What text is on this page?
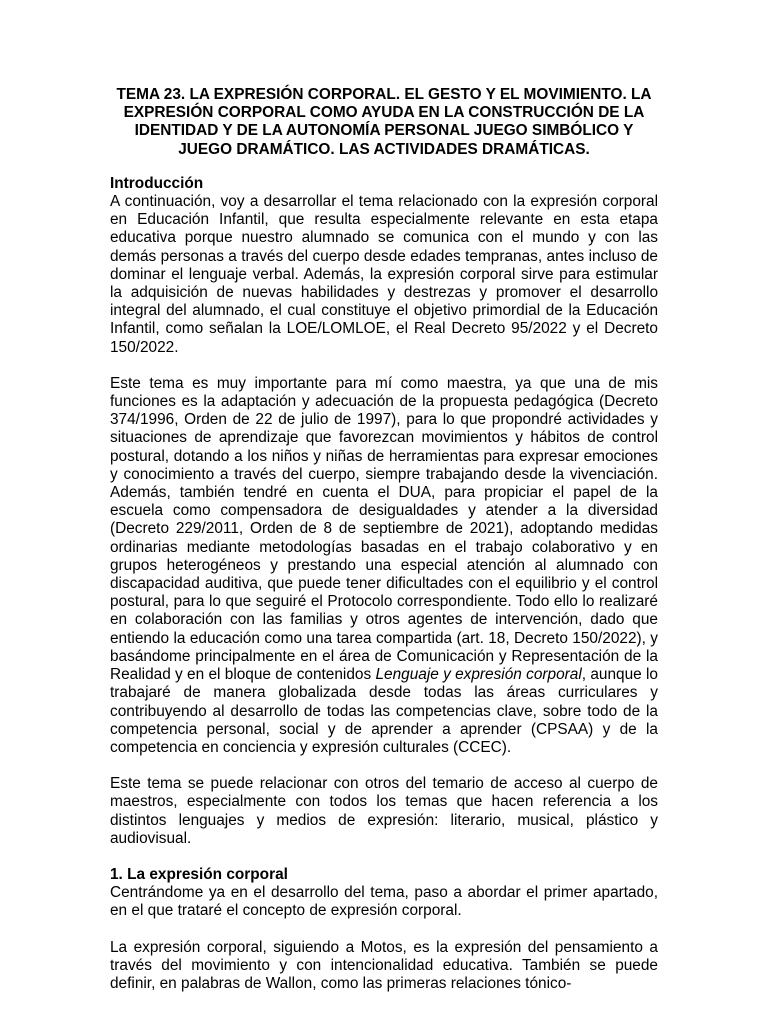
TEMA 23. LA EXPRESIÓN CORPORAL. EL GESTO Y EL MOVIMIENTO. LA EXPRESIÓN CORPORAL COMO AYUDA EN LA CONSTRUCCIÓN DE LA IDENTIDAD Y DE LA AUTONOMÍA PERSONAL JUEGO SIMBÓLICO Y JUEGO DRAMÁTICO. LAS ACTIVIDADES DRAMÁTICAS.
Introducción

A continuación, voy a desarrollar el tema relacionado con la expresión corporal en Educación Infantil, que resulta especialmente relevante en esta etapa educativa porque nuestro alumnado se comunica con el mundo y con las demás personas a través del cuerpo desde edades tempranas, antes incluso de dominar el lenguaje verbal. Además, la expresión corporal sirve para estimular la adquisición de nuevas habilidades y destrezas y promover el desarrollo integral del alumnado, el cual constituye el objetivo primordial de la Educación Infantil, como señalan la LOE/LOMLOE, el Real Decreto 95/2022 y el Decreto 150/2022.

Este tema es muy importante para mí como maestra, ya que una de mis funciones es la adaptación y adecuación de la propuesta pedagógica (Decreto 374/1996, Orden de 22 de julio de 1997), para lo que propondré actividades y situaciones de aprendizaje que favorezcan movimientos y hábitos de control postural, dotando a los niños y niñas de herramientas para expresar emociones y conocimiento a través del cuerpo, siempre trabajando desde la vivenciación. Además, también tendré en cuenta el DUA, para propiciar el papel de la escuela como compensadora de desigualdades y atender a la diversidad (Decreto 229/2011, Orden de 8 de septiembre de 2021), adoptando medidas ordinarias mediante metodologías basadas en el trabajo colaborativo y en grupos heterogéneos y prestando una especial atención al alumnado con discapacidad auditiva, que puede tener dificultades con el equilibrio y el control postural, para lo que seguiré el Protocolo correspondiente. Todo ello lo realizaré en colaboración con las familias y otros agentes de intervención, dado que entiendo la educación como una tarea compartida (art. 18, Decreto 150/2022), y basándome principalmente en el área de Comunicación y Representación de la Realidad y en el bloque de contenidos Lenguaje y expresión corporal, aunque lo trabajaré de manera globalizada desde todas las áreas curriculares y contribuyendo al desarrollo de todas las competencias clave, sobre todo de la competencia personal, social y de aprender a aprender (CPSAA) y de la competencia en conciencia y expresión culturales (CCEC).

Este tema se puede relacionar con otros del temario de acceso al cuerpo de maestros, especialmente con todos los temas que hacen referencia a los distintos lenguajes y medios de expresión: literario, musical, plástico y audiovisual.

1. La expresión corporal

Centrándome ya en el desarrollo del tema, paso a abordar el primer apartado, en el que trataré el concepto de expresión corporal.

La expresión corporal, siguiendo a Motos, es la expresión del pensamiento a través del movimiento y con intencionalidad educativa. También se puede definir, en palabras de Wallon, como las primeras relaciones tónico-
